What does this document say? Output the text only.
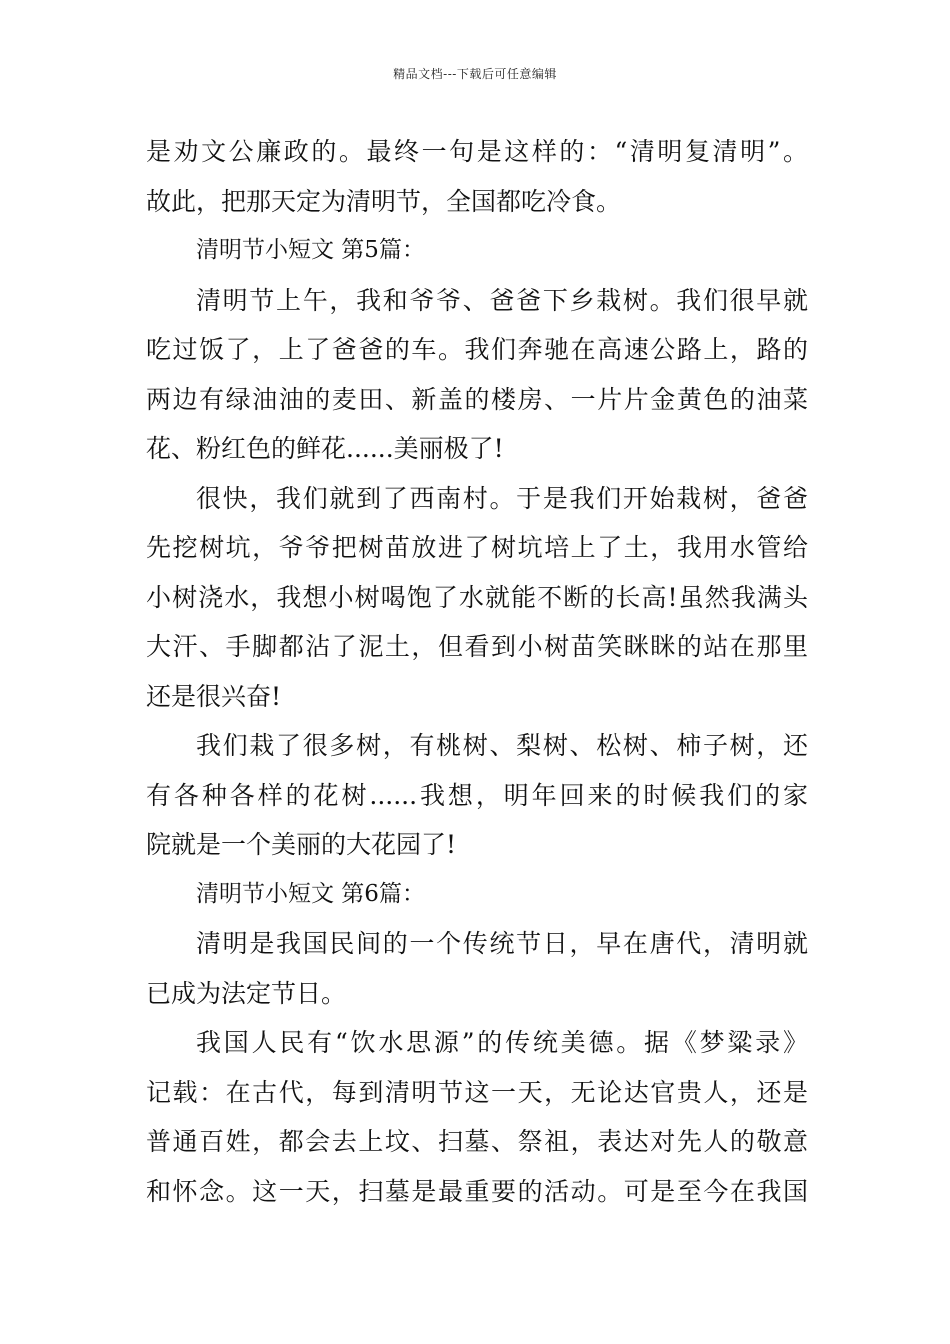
精品文档---下载后可任意编辑
是劝文公廉政的。最终一句是这样的：“清明复清明”。
故此，把那天定为清明节，全国都吃冷食。
清明节小短文 第5篇：
清明节上午，我和爷爷、爸爸下乡栽树。我们很早就
吃过饭了，上了爸爸的车。我们奔驰在高速公路上，路的
两边有绿油油的麦田、新盖的楼房、一片片金黄色的油菜
花、粉红色的鲜花......美丽极了!
很快，我们就到了西南村。于是我们开始栽树，爸爸
先挖树坑，爷爷把树苗放进了树坑培上了土，我用水管给
小树浇水，我想小树喝饱了水就能不断的长高!虽然我满头
大汗、手脚都沾了泥土，但看到小树苗笑眯眯的站在那里
还是很兴奋!
我们栽了很多树，有桃树、梨树、松树、柿子树，还
有各种各样的花树......我想，明年回来的时候我们的家
院就是一个美丽的大花园了!
清明节小短文 第6篇：
清明是我国民间的一个传统节日，早在唐代，清明就
已成为法定节日。
我国人民有“饮水思源”的传统美德。据《梦粱录》
记载：在古代，每到清明节这一天，无论达官贵人，还是
普通百姓，都会去上坟、扫墓、祭祖，表达对先人的敬意
和怀念。这一天，扫墓是最重要的活动。可是至今在我国
